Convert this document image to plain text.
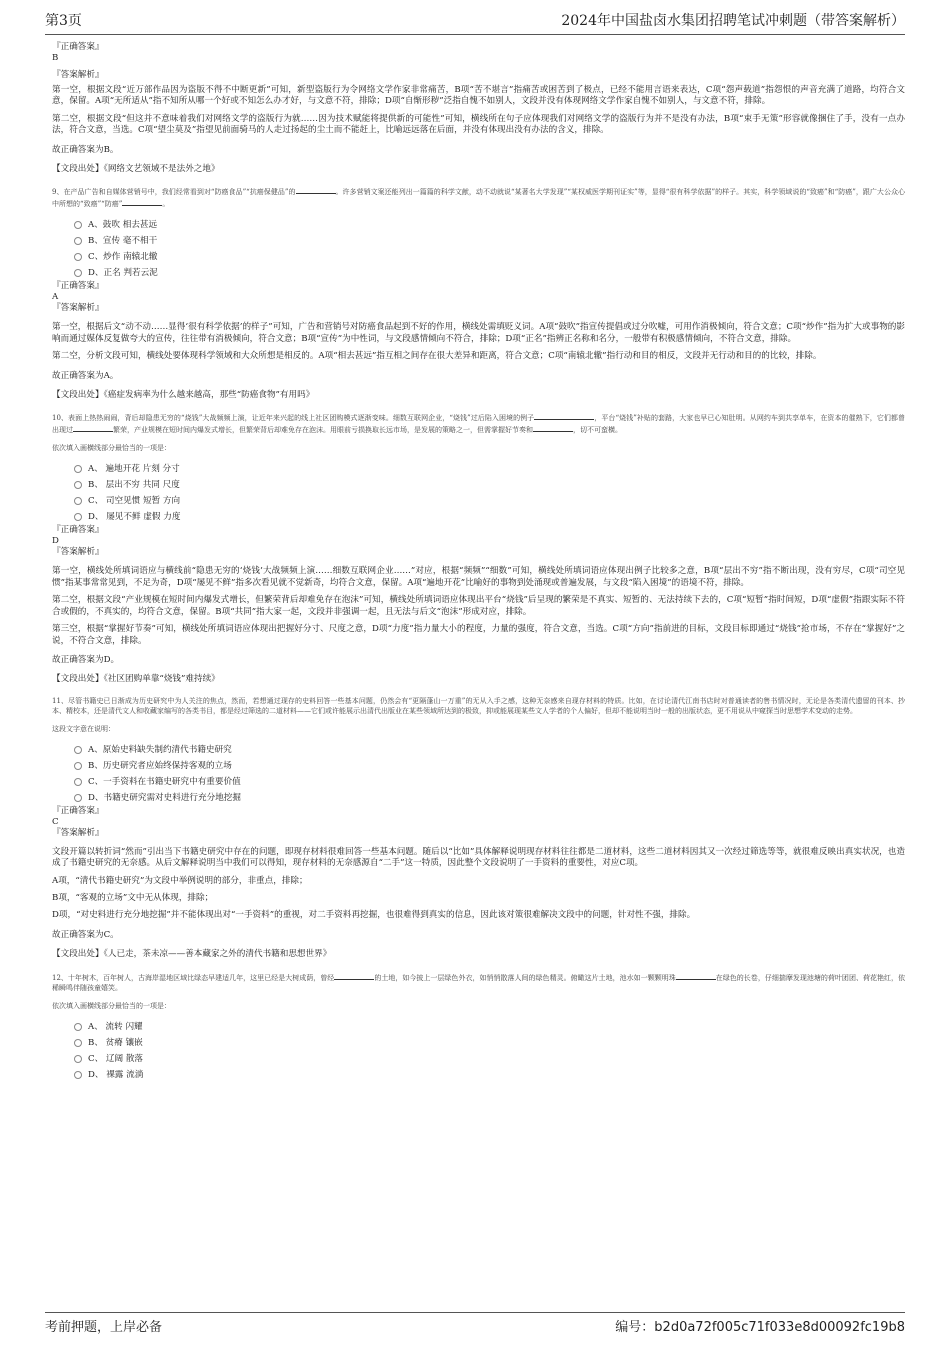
第3页	2024年中国盐卤水集团招聘笔试冲刺题（带答案解析）

『正确答案』

B

『答案解析』

第一空，根据文段“近万部作品因为盗版不得不中断更新”可知，新型盗版行为令网络文学作家非常痛苦，B项“苦不堪言”指痛苦或困苦到了极点，已经不能用言语来表达，C项“怨声载道”指怨恨的声音充满了道路，均符合文意，保留。A项“无所适从”指不知所从哪一个好或不知怎么办才好，与文意不符，排除；D项“自惭形秽”泛指自愧不如别人，文段并没有体现网络文学作家自愧不如别人，与文意不符，排除。

第二空，根据文段“但这并不意味着我们对网络文学的盗版行为就……因为技术赋能将提供新的可能性”可知，横线所在句子应体现我们对网络文学的盗版行为并不是没有办法，B项“束手无策”形容就像捆住了手，没有一点办法，符合文意，当选。C项“望尘莫及”指望见前面骑马的人走过扬起的尘土而不能赶上，比喻远远落在后面，并没有体现出没有办法的含义，排除。

故正确答案为B。

【文段出处】《网络文艺领域不是法外之地》

9、在产品广告和自媒体营销号中，我们经常看到对“防癌食品”“抗癌保健品”的	。许多营销文案还能列出一篇篇的科学文献，动不动就说“某著名大学发现”“某权威医学期刊证实”等，显得“很有科学依据”的样子。其实，科学领域说的“致癌”和“防癌”，跟广大公众心中所想的“致癌”“防癌”	。

A、鼓吹 相去甚远
B、宣传 毫不相干
C、炒作 南辕北辙
D、正名 判若云泥

『正确答案』

A

『答案解析』

第一空，根据后文“动不动……显得‘很有科学依据’的样子”可知，广告和营销号对防癌食品起到不好的作用，横线处需填贬义词。A项“鼓吹”指宣传提倡或过分吹嘘，可用作消极倾向，符合文意；C项“炒作”指为扩大或事物的影响而通过媒体反复做夸大的宣传，往往带有消极倾向，符合文意；B项“宣传”为中性词，与文段感情倾向不符合，排除；D项“正名”指辨正名称和名分，一般带有积极感情倾向，不符合文意，排除。

第二空，分析文段可知，横线处要体现科学领域和大众所想是相反的。A项“相去甚远”指互相之间存在很大差异和距离，符合文意；C项“南辕北辙”指行动和目的相反，文段并无行动和目的的比较，排除。

故正确答案为A。

【文段出处】《癌症发病率为什么越来越高，那些“防癌食物”有用吗》

10、表面上热热闹闹，背后却隐患无穷的“烧钱”大战频频上演，让近年来兴起的线上社区团购模式逐渐变味。细数互联网企业，“烧钱”过后陷入困境的例子	，平台“烧钱”补贴的套路，大家也早已心知肚明。从网约车到共享单车，在资本的催熟下，它们都曾出现过	繁荣，产业规模在短时间内爆发式增长，但繁荣背后却难免存在泡沫。用眼前亏损换取长远市场，是发展的策略之一，但需掌握好节奏和	，切不可蛮横。

依次填入画横线部分最恰当的一项是：

A、 遍地开花 片刻 分寸
B、 层出不穷 共同 尺度
C、 司空见惯 短暂 方向
D、 屡见不鲜 虚假 力度

『正确答案』

D

『答案解析』

第一空，横线处所填词语应与横线前“隐患无穷的‘烧钱’大战频频上演……细数互联网企业……”对应，根据“频频”“细数”可知，横线处所填词语应体现出例子比较多之意，B项“层出不穷”指不断出现，没有穷尽，C项“司空见惯”指某事常常见到，不足为奇，D项“屡见不鲜”指多次看见就不觉新奇，均符合文意，保留。A项“遍地开花”比喻好的事物到处涌现或普遍发展，与文段“陷入困境”的语境不符，排除。

第二空，根据文段“产业规模在短时间内爆发式增长，但繁荣背后却难免存在泡沫”可知，横线处所填词语应体现出平台“烧钱”后呈现的繁荣是不真实、短暂的、无法持续下去的，C项“短暂”指时间短，D项“虚假”指跟实际不符合或假的，不真实的，均符合文意，保留。B项“共同”指大家一起，文段并非强调一起，且无法与后文“泡沫”形成对应，排除。

第三空，根据“掌握好节奏”可知，横线处所填词语应体现出把握好分寸、尺度之意，D项“力度”指力量大小的程度，力量的强度，符合文意，当选。C项“方向”指前进的目标，文段目标即通过“烧钱”抢市场，不存在“掌握好”之说，不符合文意，排除。

故正确答案为D。

【文段出处】《社区团购单靠“烧钱”难持续》

11、尽管书籍史已日渐成为历史研究中为人关注的焦点，然而，若想通过现存的史料回答一些基本问题，仍然会有“更隔蓬山一万重”的无从入手之感，这种无奈感来自现存材料的特质。比如，在讨论清代江南书店时对普通读者的售书情况时，无论是各类清代遗留的刊本、抄本、精校本，还是清代文人和收藏家编写的各类书目，都是经过筛选的二道材料——它们或许能展示出清代出版业在某些领域所达到的极致，抑或能展现某些文人学者的个人偏好，但却不能说明当时一般的出版状态，更不用说从中窥探当时思想学术变动的走势。

这段文字意在说明：

A、原始史料缺失制约清代书籍史研究
B、历史研究者应始终保持客观的立场
C、一手资料在书籍史研究中有重要价值
D、书籍史研究需对史料进行充分地挖掘

『正确答案』

C

『答案解析』

文段开篇以转折词“然而”引出当下书籍史研究中存在的问题，即现存材料很难回答一些基本问题。随后以“比如”具体解释说明现存材料往往都是二道材料，这些二道材料因其又一次经过筛选等等，就很难反映出真实状况，也造成了书籍史研究的无奈感。从后文解释说明当中我们可以得知，现存材料的无奈感源自“二手”这一特质，因此整个文段说明了一手资料的重要性，对应C项。

A项，“清代书籍史研究”为文段中举例说明的部分，非重点，排除；

B项，“客观的立场”文中无从体现，排除；

D项，“对史料进行充分地挖掘”并不能体现出对“一手资料”的重视，对二手资料再挖掘，也很难得到真实的信息，因此该对策很难解决文段中的问题，针对性不强，排除。

故正确答案为C。

【文段出处】《人已走，茶未凉——善本藏家之外的清代书籍和思想世界》

12、十年树木，百年树人，古海岸湿地区域比绿态早建适几年，这里已经是大树成荫，曾经	的土地，如今披上一层绿色外衣，如悄悄散落人间的绿色精灵。俯瞰这片土地，池水如一颗颗明珠	在绿色的长卷，仔细揣摩发现池塘的荷叶团团、荷花艳红，依稀瞬鸣伴随孩童嬉笑。

依次填入画横线部分最恰当的一项是：

A、 流转 闪耀
B、 贫瘠 镶嵌
C、 辽阔 散落
D、 裸露 流淌
考前押题，上岸必备	编号：b2d0a72f005c71f033e8d00092fc19b8
